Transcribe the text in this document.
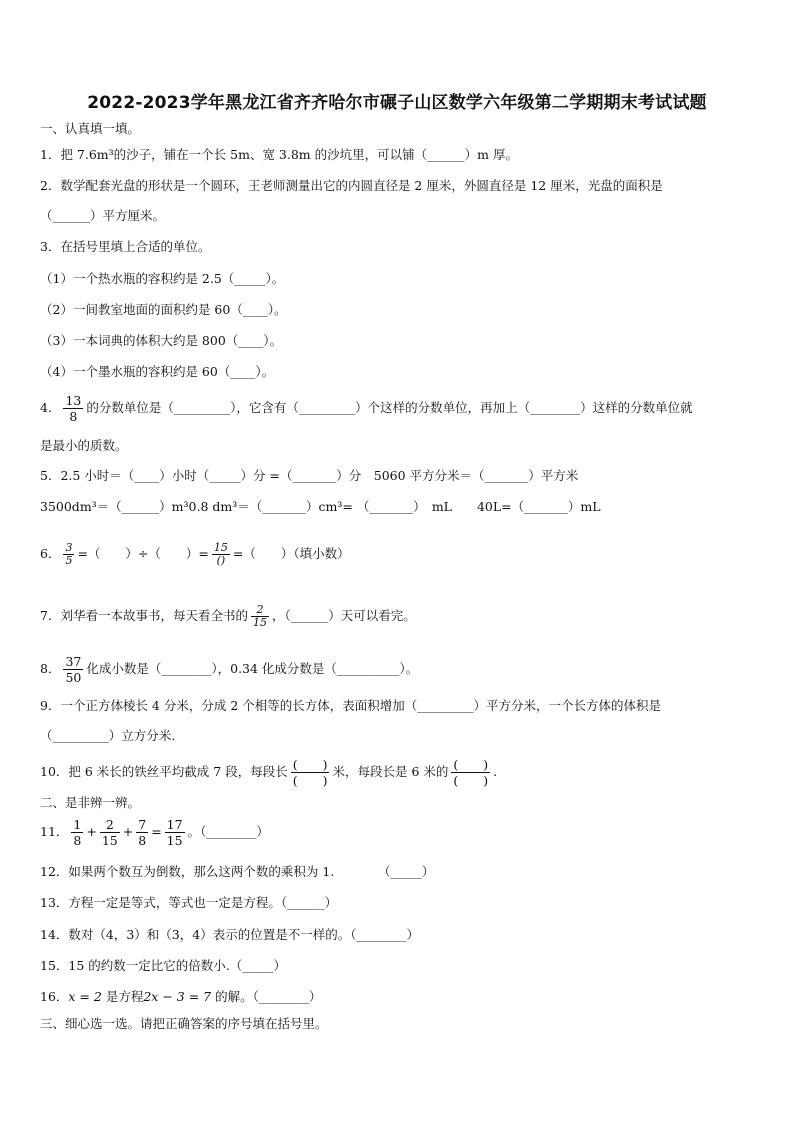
2022-2023学年黑龙江省齐齐哈尔市碾子山区数学六年级第二学期期末考试试题
一、认真填一填。
1．把 7.6m³的沙子，铺在一个长 5m、宽 3.8m 的沙坑里，可以铺（______）m 厚。
2．数学配套光盘的形状是一个圆环，王老师测量出它的内圆直径是 2 厘米，外圆直径是 12 厘米，光盘的面积是
（______）平方厘米。
3．在括号里填上合适的单位。
（1）一个热水瓶的容积约是 2.5（_____）。
（2）一间教室地面的面积约是 60（____）。
（3）一本词典的体积大约是 800（____）。
（4）一个墨水瓶的容积约是 60（____）。
4． $\frac{13}{8}$ 的分数单位是（_________），它含有（_________）个这样的分数单位，再加上（________）这样的分数单位就
是最小的质数。
5．2.5 小时＝（____）小时（_____）分 =（_______）分　5060 平方分米＝（_______）平方米
3500dm³＝（______）m³0.8 dm³＝（_______）cm³= （_______）　mL　　40L=（_______）mL
6． $\frac{3}{5}$ =（　　）÷（　　）= $\frac{15}{()}$ =（　　）（填小数）
7．刘华看一本故事书，每天看全书的 $\frac{2}{15}$ ，（______）天可以看完。
8． $\frac{37}{50}$ 化成小数是（________），0.34 化成分数是（__________）。
9．一个正方体棱长 4 分米，分成 2 个相等的长方体，表面积增加（_________）平方分米，一个长方体的体积是
（_________）立方分米.
10．把 6 米长的铁丝平均截成 7 段，每段长 $\frac{( )}{( )}$ 米，每段长是 6 米的 $\frac{( )}{( )}$ .
二、是非辨一辨。
11． $\frac{1}{8} + \frac{2}{15} + \frac{7}{8} = \frac{17}{15}$ 。（________）
12．如果两个数互为倒数，那么这两个数的乘积为 1.　　　　（_____）
13．方程一定是等式，等式也一定是方程。（______）
14．数对（4，3）和（3，4）表示的位置是不一样的。（________）
15．15 的约数一定比它的倍数小.（_____）
16．x = 2 是方程2x − 3 = 7 的解。（________）
三、细心选一选。请把正确答案的序号填在括号里。
